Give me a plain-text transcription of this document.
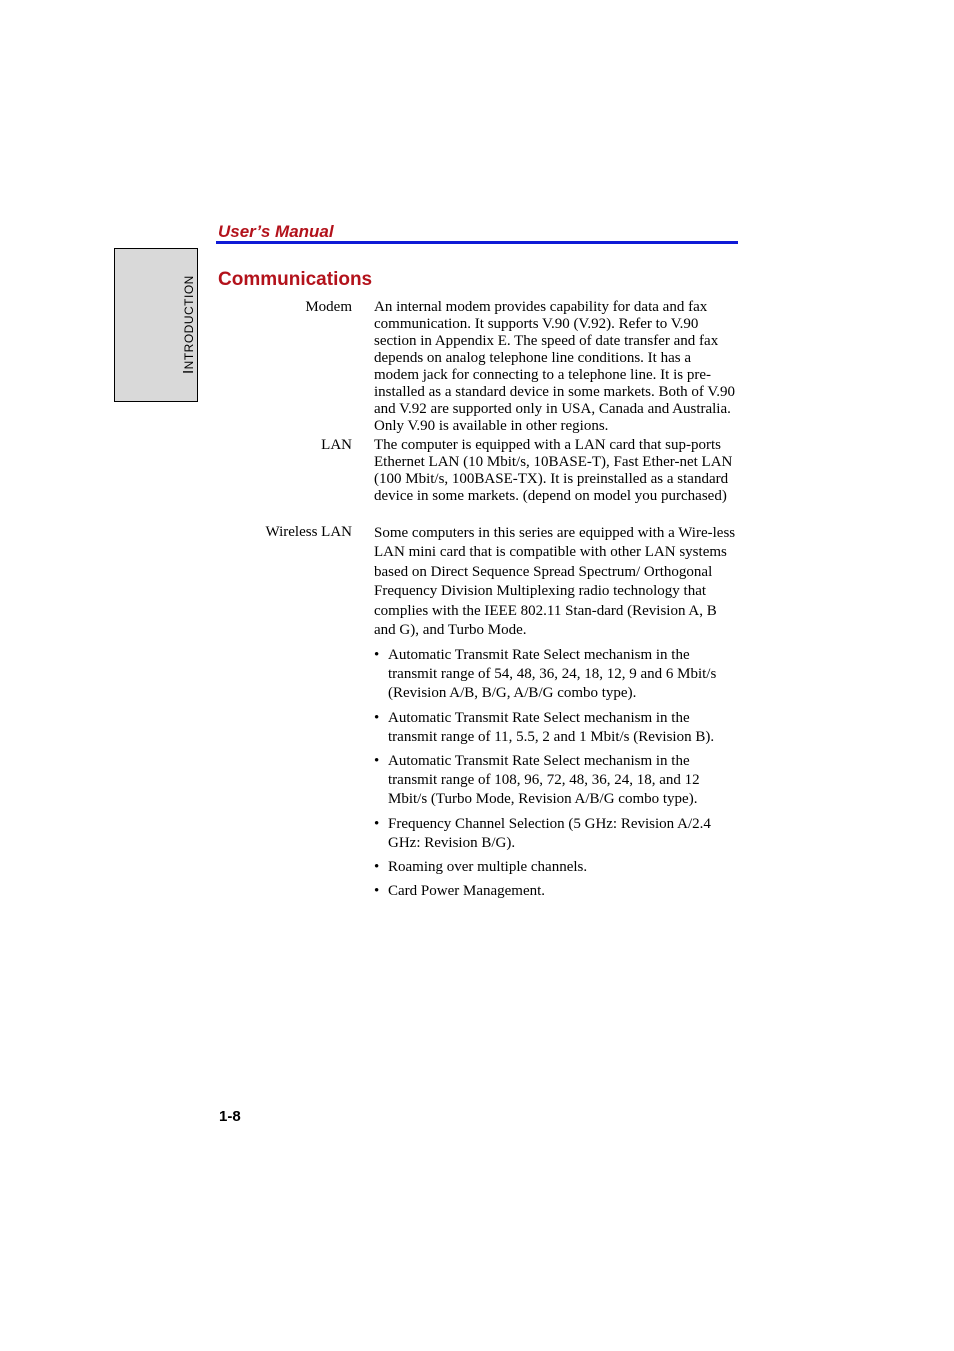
User’s Manual
INTRODUCTION Communications
Modem An internal modem provides capability for data and fax communication. It supports V.90 (V.92). Refer to V.90 section in Appendix E. The speed of date transfer and fax depends on analog telephone line conditions. It has a modem jack for connecting to a telephone line. It is pre-installed as a standard device in some markets. Both of V.90 and V.92 are supported only in USA, Canada and Australia. Only V.90 is available in other regions.
LAN The computer is equipped with a LAN card that sup-ports Ethernet LAN (10 Mbit/s, 10BASE-T), Fast Ether-net LAN (100 Mbit/s, 100BASE-TX). It is preinstalled as a standard device in some markets. (depend on model you purchased)
Wireless LAN Some computers in this series are equipped with a Wire-less LAN mini card that is compatible with other LAN systems based on Direct Sequence Spread Spectrum/ Orthogonal Frequency Division Multiplexing radio technology that complies with the IEEE 802.11 Stan-dard (Revision A, B and G), and Turbo Mode.
• Automatic Transmit Rate Select mechanism in the transmit range of 54, 48, 36, 24, 18, 12, 9 and 6 Mbit/s (Revision A/B, B/G, A/B/G combo type).
• Automatic Transmit Rate Select mechanism in the transmit range of 11, 5.5, 2 and 1 Mbit/s (Revision B).
• Automatic Transmit Rate Select mechanism in the transmit range of 108, 96, 72, 48, 36, 24, 18, and 12 Mbit/s (Turbo Mode, Revision A/B/G combo type).
• Frequency Channel Selection (5 GHz: Revision A/2.4 GHz: Revision B/G).
• Roaming over multiple channels.
• Card Power Management.
1-8
